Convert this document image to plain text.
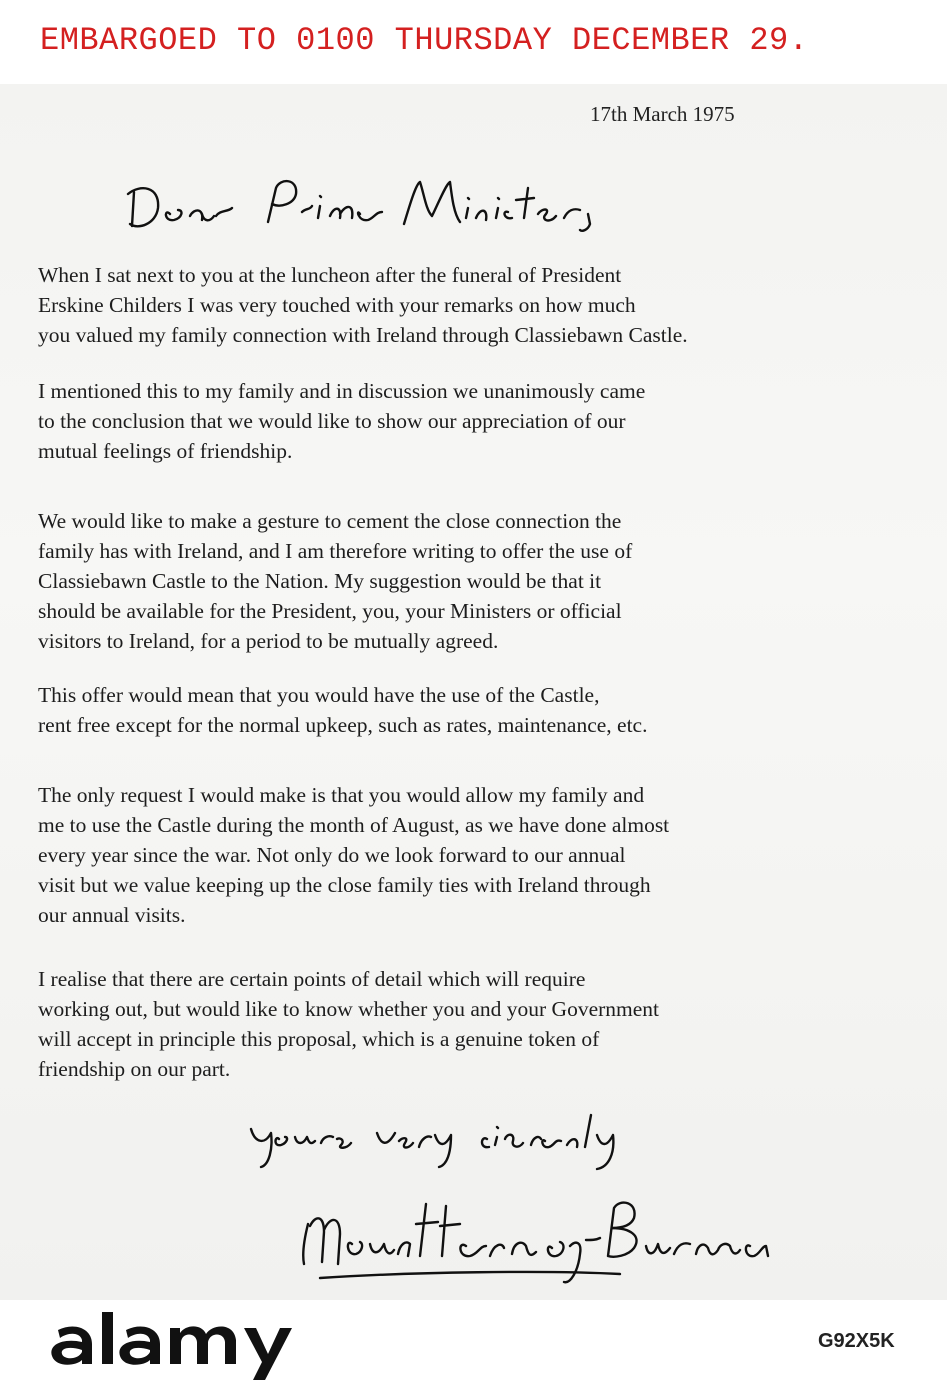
EMBARGOED TO 0100 THURSDAY DECEMBER 29.
17th March 1975
When I sat next to you at the luncheon after the funeral of President
Erskine Childers I was very touched with your remarks on how much
you valued my family connection with Ireland through Classiebawn Castle.
I mentioned this to my family and in discussion we unanimously came
to the conclusion that we would like to show our appreciation of our
mutual feelings of friendship.
We would like to make a gesture to cement the close connection the
family has with Ireland, and I am therefore writing to offer the use of
Classiebawn Castle to the Nation. My suggestion would be that it
should be available for the President, you, your Ministers or official
visitors to Ireland, for a period to be mutually agreed.
This offer would mean that you would have the use of the Castle,
rent free except for the normal upkeep, such as rates, maintenance, etc.
The only request I would make is that you would allow my family and
me to use the Castle during the month of August, as we have done almost
every year since the war. Not only do we look forward to our annual
visit but we value keeping up the close family ties with Ireland through
our annual visits.
I realise that there are certain points of detail which will require
working out, but would like to know whether you and your Government
will accept in principle this proposal, which is a genuine token of
friendship on our part.
G92X5K
